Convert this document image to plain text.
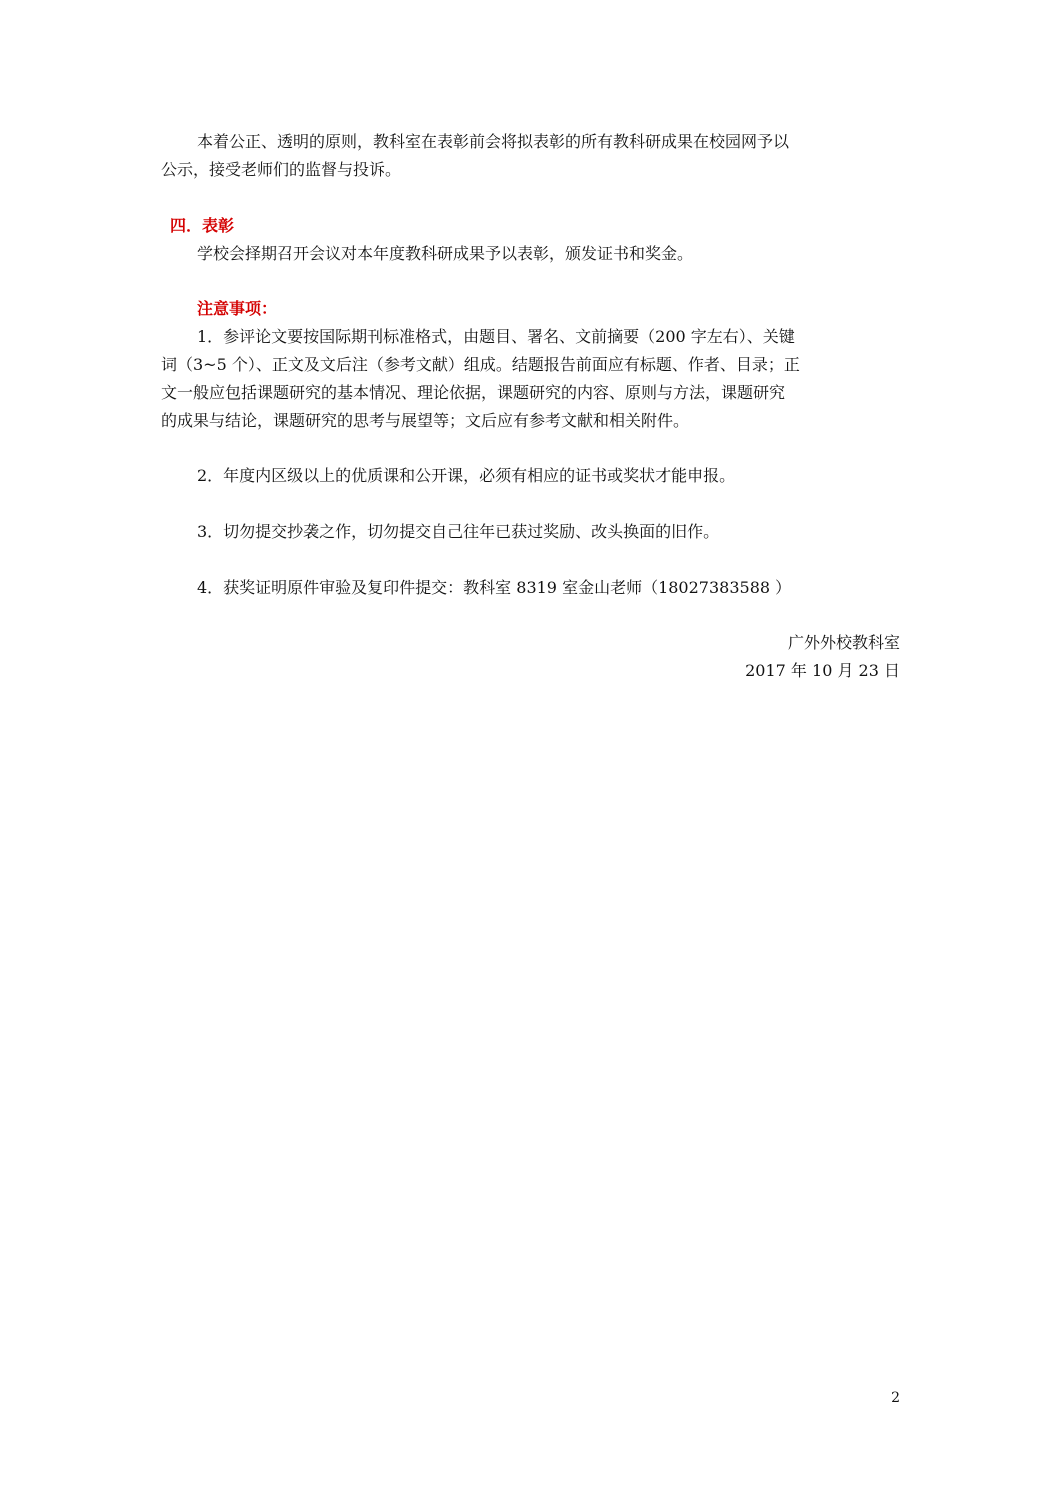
本着公正、透明的原则，教科室在表彰前会将拟表彰的所有教科研成果在校园网予以
公示，接受老师们的监督与投诉。
四．表彰
学校会择期召开会议对本年度教科研成果予以表彰，颁发证书和奖金。
注意事项：
1．参评论文要按国际期刊标准格式，由题目、署名、文前摘要（200 字左右）、关键
词（3~5 个）、正文及文后注（参考文献）组成。结题报告前面应有标题、作者、目录；正
文一般应包括课题研究的基本情况、理论依据，课题研究的内容、原则与方法，课题研究
的成果与结论，课题研究的思考与展望等；文后应有参考文献和相关附件。
2．年度内区级以上的优质课和公开课，必须有相应的证书或奖状才能申报。
3．切勿提交抄袭之作，切勿提交自己往年已获过奖励、改头换面的旧作。
4．获奖证明原件审验及复印件提交：教科室 8319 室金山老师（18027383588 ）
广外外校教科室
2017 年 10 月 23 日
2
